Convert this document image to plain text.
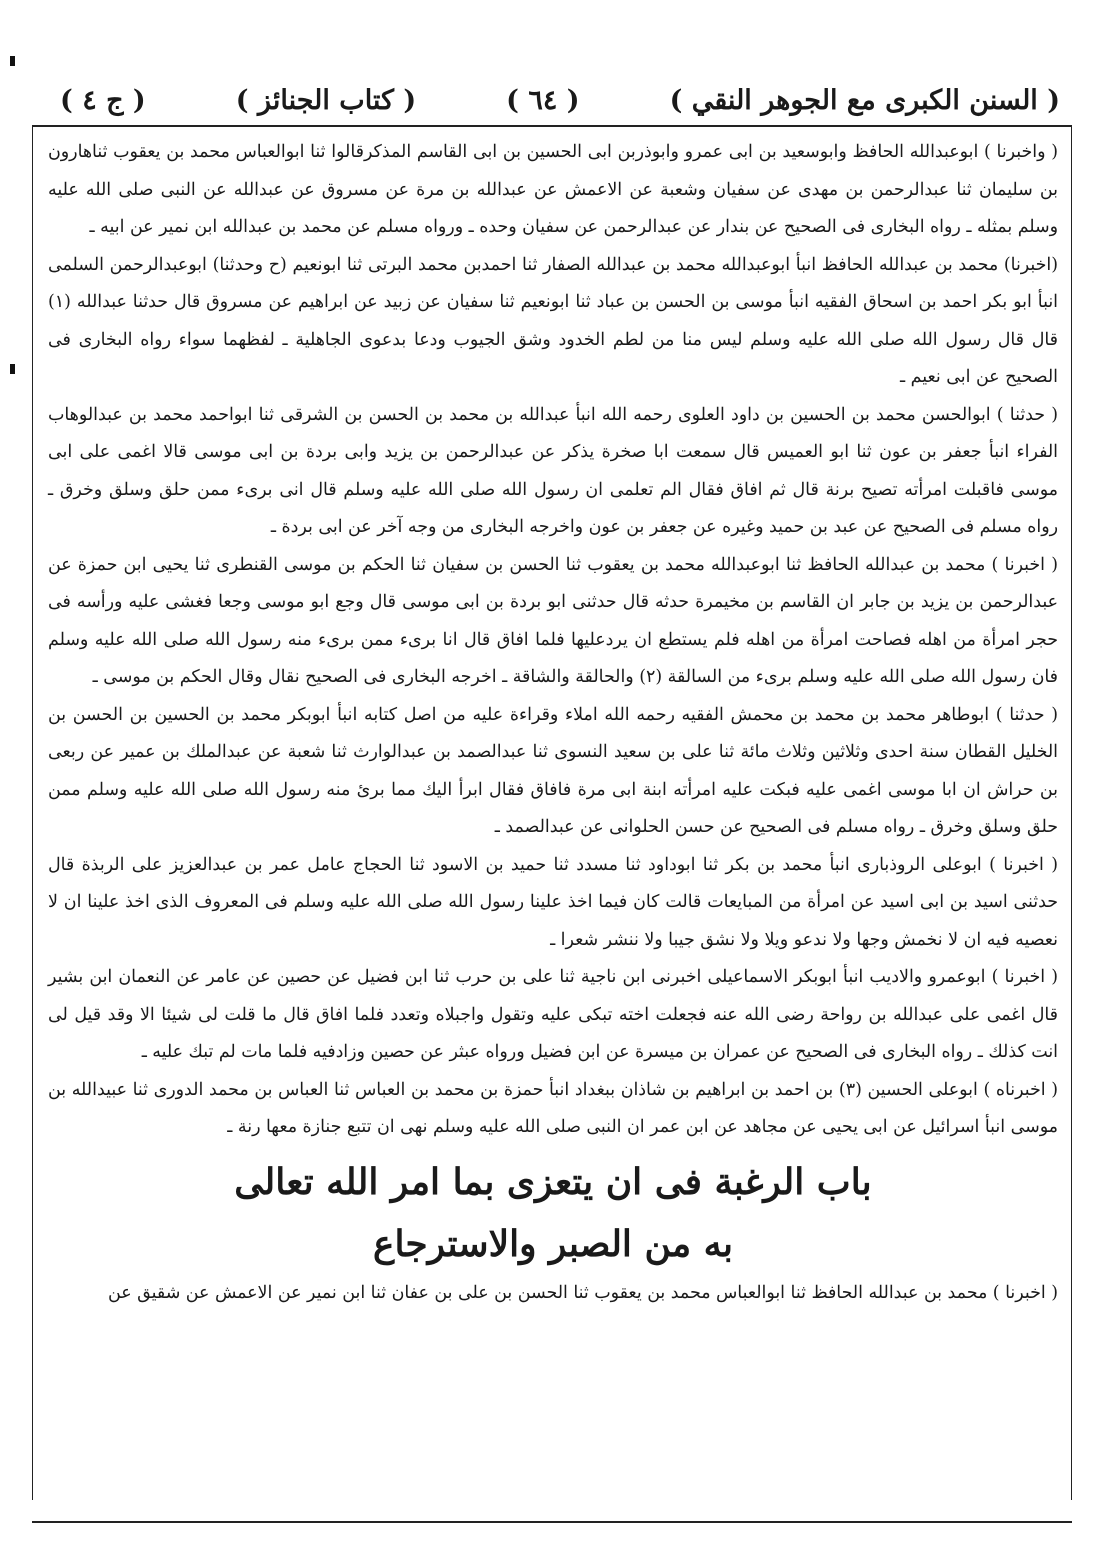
( السنن الكبرى مع الجوهر النقي )
( ٦٤ )
( كتاب الجنائز )
( ج ٤ )

( واخبرنا ) ابوعبدالله الحافظ وابوسعيد بن ابى عمرو وابوذربن ابى الحسين بن ابى القاسم المذكرقالوا ثنا ابوالعباس محمد بن يعقوب ثناهارون بن سليمان ثنا عبدالرحمن بن مهدى عن سفيان وشعبة عن الاعمش عن عبدالله بن مرة عن مسروق عن عبدالله عن النبى صلى الله عليه وسلم بمثله ـ رواه البخارى فى الصحيح عن بندار عن عبدالرحمن عن سفيان وحده ـ ورواه مسلم عن محمد بن عبدالله ابن نمير عن ابيه ـ

(اخبرنا) محمد بن عبدالله الحافظ انبأ ابوعبدالله محمد بن عبدالله الصفار ثنا احمدبن محمد البرتى ثنا ابونعيم (ح وحدثنا) ابوعبدالرحمن السلمى انبأ ابو بكر احمد بن اسحاق الفقيه انبأ موسى بن الحسن بن عباد ثنا ابونعيم ثنا سفيان عن زبيد عن ابراهيم عن مسروق قال حدثنا عبدالله (١) قال قال رسول الله صلى الله عليه وسلم ليس منا من لطم الخدود وشق الجيوب ودعا بدعوى الجاهلية ـ لفظهما سواء رواه البخارى فى الصحيح عن ابى نعيم ـ

( حدثنا ) ابوالحسن محمد بن الحسين بن داود العلوى رحمه الله انبأ عبدالله بن محمد بن الحسن بن الشرقى ثنا ابواحمد محمد بن عبدالوهاب الفراء انبأ جعفر بن عون ثنا ابو العميس قال سمعت ابا صخرة يذكر عن عبدالرحمن بن يزيد وابى بردة بن ابى موسى قالا اغمى على ابى موسى فاقبلت امرأته تصيح برنة قال ثم افاق فقال الم تعلمى ان رسول الله صلى الله عليه وسلم قال انى برىء ممن حلق وسلق وخرق ـ رواه مسلم فى الصحيح عن عبد بن حميد وغيره عن جعفر بن عون واخرجه البخارى من وجه آخر عن ابى بردة ـ

( اخبرنا ) محمد بن عبدالله الحافظ ثنا ابوعبدالله محمد بن يعقوب ثنا الحسن بن سفيان ثنا الحكم بن موسى القنطرى ثنا يحيى ابن حمزة عن عبدالرحمن بن يزيد بن جابر ان القاسم بن مخيمرة حدثه قال حدثنى ابو بردة بن ابى موسى قال وجع ابو موسى وجعا فغشى عليه ورأسه فى حجر امرأة من اهله فصاحت امرأة من اهله فلم يستطع ان يردعليها فلما افاق قال انا برىء ممن برىء منه رسول الله صلى الله عليه وسلم فان رسول الله صلى الله عليه وسلم برىء من السالقة (٢) والحالقة والشاقة ـ اخرجه البخارى فى الصحيح نقال وقال الحكم بن موسى ـ

( حدثنا ) ابوطاهر محمد بن محمد بن محمش الفقيه رحمه الله املاء وقراءة عليه من اصل كتابه انبأ ابوبكر محمد بن الحسين بن الحسن بن الخليل القطان سنة احدى وثلاثين وثلاث مائة ثنا على بن سعيد النسوى ثنا عبدالصمد بن عبدالوارث ثنا شعبة عن عبدالملك بن عمير عن ربعى بن حراش ان ابا موسى اغمى عليه فبكت عليه امرأته ابنة ابى مرة فافاق فقال ابرأ اليك مما برئ منه رسول الله صلى الله عليه وسلم ممن حلق وسلق وخرق ـ رواه مسلم فى الصحيح عن حسن الحلوانى عن عبدالصمد ـ

( اخبرنا ) ابوعلى الروذبارى انبأ محمد بن بكر ثنا ابوداود ثنا مسدد ثنا حميد بن الاسود ثنا الحجاج عامل عمر بن عبدالعزيز على الربذة قال حدثنى اسيد بن ابى اسيد عن امرأة من المبايعات قالت كان فيما اخذ علينا رسول الله صلى الله عليه وسلم فى المعروف الذى اخذ علينا ان لا نعصيه فيه ان لا نخمش وجها ولا ندعو ويلا ولا نشق جيبا ولا ننشر شعرا ـ

( اخبرنا ) ابوعمرو والاديب انبأ ابوبكر الاسماعيلى اخبرنى ابن ناجية ثنا على بن حرب ثنا ابن فضيل عن حصين عن عامر عن النعمان ابن بشير قال اغمى على عبدالله بن رواحة رضى الله عنه فجعلت اخته تبكى عليه وتقول واجبلاه وتعدد فلما افاق قال ما قلت لى شيئا الا وقد قيل لى انت كذلك ـ رواه البخارى فى الصحيح عن عمران بن ميسرة عن ابن فضيل ورواه عبثر عن حصين وزادفيه فلما مات لم تبك عليه ـ

( اخبرناه ) ابوعلى الحسين (٣) بن احمد بن ابراهيم بن شاذان ببغداد انبأ حمزة بن محمد بن العباس ثنا العباس بن محمد الدورى ثنا عبيدالله بن موسى انبأ اسرائيل عن ابى يحيى عن مجاهد عن ابن عمر ان النبى صلى الله عليه وسلم نهى ان تتبع جنازة معها رنة ـ

باب الرغبة فى ان يتعزى بما امر الله تعالى
به من الصبر والاسترجاع

( اخبرنا ) محمد بن عبدالله الحافظ ثنا ابوالعباس محمد بن يعقوب ثنا الحسن بن على بن عفان ثنا ابن نمير عن الاعمش عن شقيق عن
